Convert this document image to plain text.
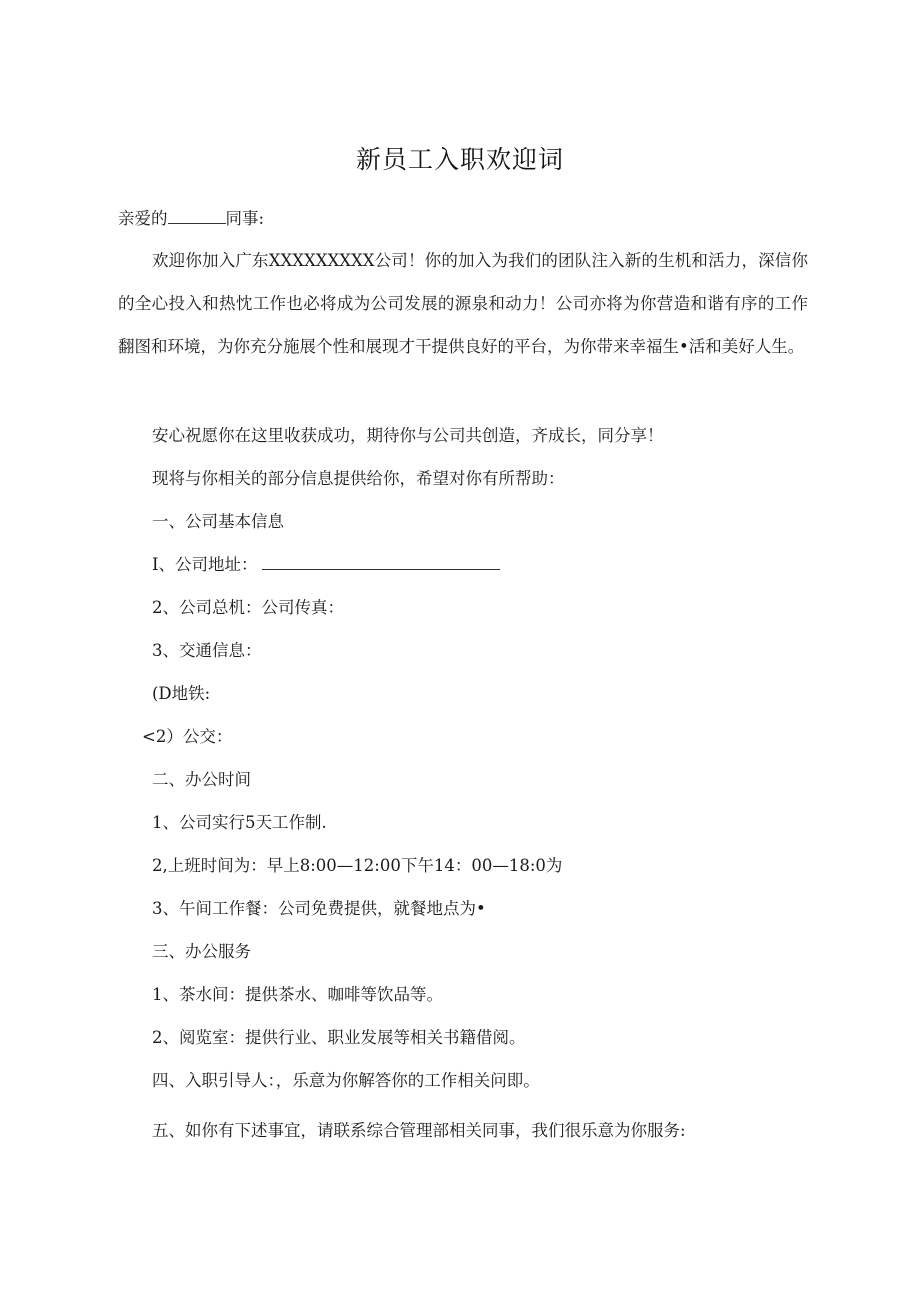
新员工入职欢迎词
亲爱的	同事:
欢迎你加入广东XXXXXXXXX公司！你的加入为我们的团队注入新的生机和活力，深信你的全心投入和热忱工作也必将成为公司发展的源泉和动力！公司亦将为你营造和谐有序的工作翻图和环境，为你充分施展个性和展现才干提供良好的平台，为你带来幸福生•活和美好人生。
安心祝愿你在这里收获成功，期待你与公司共创造，齐成长，同分享！
现将与你相关的部分信息提供给你，希望对你有所帮助：
一、公司基本信息
I、公司地址：
2、公司总机：公司传真：
3、交通信息：
(D地铁:
<2）公交：
二、办公时间
1、公司实行5天工作制.
2,上班时间为：早上8:00—12:00下午14：00—18:0为
3、午间工作餐：公司免费提供，就餐地点为•
三、办公服务
1、茶水间：提供茶水、咖啡等饮品等。
2、阅览室：提供行业、职业发展等相关书籍借阅。
四、入职引导人：，乐意为你解答你的工作相关问即。
五、如你有下述事宜，请联系综合管理部相关同事，我们很乐意为你服务:
